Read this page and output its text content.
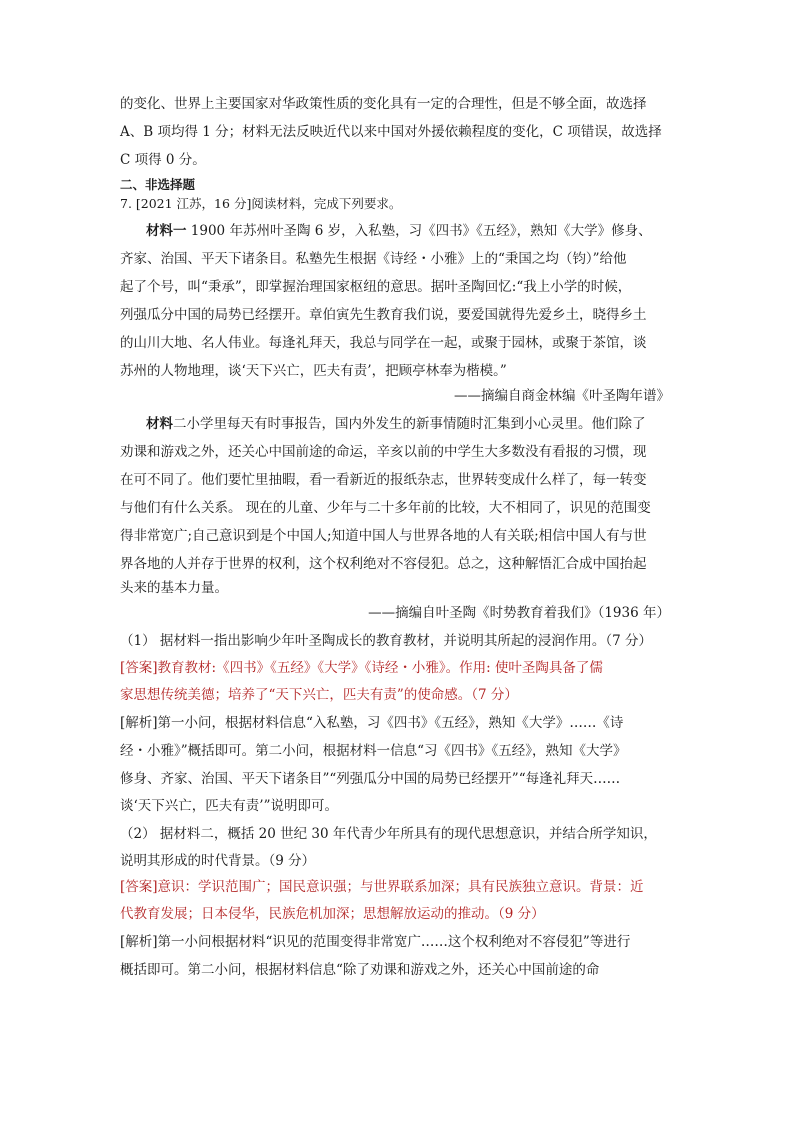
的变化、世界上主要国家对华政策性质的变化具有一定的合理性，但是不够全面，故选择
A、B 项均得 1 分；材料无法反映近代以来中国对外援依赖程度的变化，C 项错误，故选择
C 项得 0 分。
二、非选择题
7. [2021 江苏，16 分]阅读材料，完成下列要求。
材料一 1900 年苏州叶圣陶 6 岁，入私塾，习《四书》《五经》，熟知《大学》修身、
齐家、治国、平天下诸条目。私塾先生根据《诗经・小雅》上的“秉国之均（钧）”给他
起了个号，叫“秉承”，即掌握治理国家枢纽的意思。据叶圣陶回忆:“我上小学的时候，
列强瓜分中国的局势已经摆开。章伯寅先生教育我们说，要爱国就得先爱乡土，晓得乡土
的山川大地、名人伟业。每逢礼拜天，我总与同学在一起，或聚于园林，或聚于茶馆，谈
苏州的人物地理，谈‘天下兴亡，匹夫有责’，把顾亭林奉为楷模。”
——摘编自商金林编《叶圣陶年谱》
材料二小学里每天有时事报告，国内外发生的新事情随时汇集到小心灵里。他们除了
劝课和游戏之外，还关心中国前途的命运，辛亥以前的中学生大多数没有看报的习惯，现
在可不同了。他们要忙里抽暇，看一看新近的报纸杂志，世界转变成什么样了，每一转变
与他们有什么关系。 现在的儿童、少年与二十多年前的比较，大不相同了，识见的范围变
得非常宽广;自己意识到是个中国人;知道中国人与世界各地的人有关联;相信中国人有与世
界各地的人并存于世界的权利，这个权利绝对不容侵犯。总之，这种解悟汇合成中国抬起
头来的基本力量。
——摘编自叶圣陶《时势教育着我们》（1936 年）
（1） 据材料一指出影响少年叶圣陶成长的教育教材，并说明其所起的浸润作用。（7 分）
[答案]教育教材:《四书》《五经》《大学》《诗经・小雅》。作用: 使叶圣陶具备了儒
家思想传统美德；培养了“天下兴亡，匹夫有责”的使命感。（7 分）
[解析]第一小问，根据材料信息“入私塾，习《四书》《五经》，熟知《大学》……《诗
经・小雅》”概括即可。第二小问，根据材料一信息“习《四书》《五经》，熟知《大学》
修身、齐家、治国、平天下诸条目”“列强瓜分中国的局势已经摆开”“每逢礼拜天……
谈‘天下兴亡，匹夫有责’”说明即可。
（2） 据材料二，概括 20 世纪 30 年代青少年所具有的现代思想意识，并结合所学知识，
说明其形成的时代背景。（9 分）
[答案]意识：学识范围广；国民意识强；与世界联系加深；具有民族独立意识。背景：近
代教育发展；日本侵华，民族危机加深；思想解放运动的推动。（9 分）
[解析]第一小问根据材料“识见的范围变得非常宽广……这个权利绝对不容侵犯”等进行
概括即可。第二小问，根据材料信息“除了劝课和游戏之外，还关心中国前途的命
